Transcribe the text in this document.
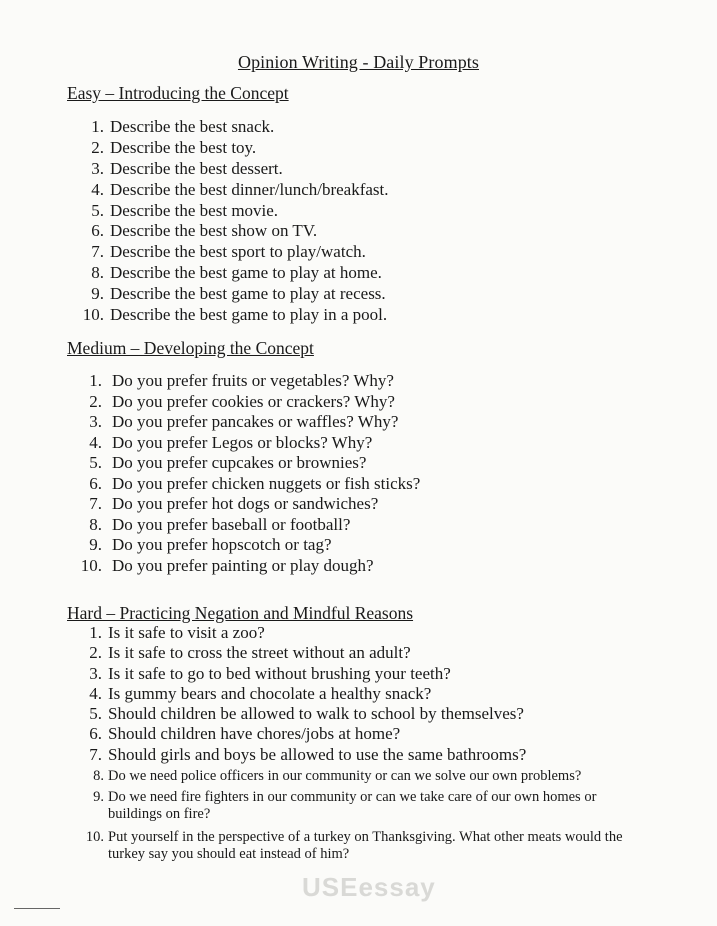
Opinion Writing - Daily Prompts
Easy – Introducing the Concept
1. Describe the best snack.
2. Describe the best toy.
3. Describe the best dessert.
4. Describe the best dinner/lunch/breakfast.
5. Describe the best movie.
6. Describe the best show on TV.
7. Describe the best sport to play/watch.
8. Describe the best game to play at home.
9. Describe the best game to play at recess.
10. Describe the best game to play in a pool.
Medium – Developing the Concept
1. Do you prefer fruits or vegetables? Why?
2. Do you prefer cookies or crackers? Why?
3. Do you prefer pancakes or waffles? Why?
4. Do you prefer Legos or blocks? Why?
5. Do you prefer cupcakes or brownies?
6. Do you prefer chicken nuggets or fish sticks?
7. Do you prefer hot dogs or sandwiches?
8. Do you prefer baseball or football?
9. Do you prefer hopscotch or tag?
10. Do you prefer painting or play dough?
Hard – Practicing Negation and Mindful Reasons
1. Is it safe to visit a zoo?
2. Is it safe to cross the street without an adult?
3. Is it safe to go to bed without brushing your teeth?
4. Is gummy bears and chocolate a healthy snack?
5. Should children be allowed to walk to school by themselves?
6. Should children have chores/jobs at home?
7. Should girls and boys be allowed to use the same bathrooms?
8. Do we need police officers in our community or can we solve our own problems?
9. Do we need fire fighters in our community or can we take care of our own homes or buildings on fire?
10. Put yourself in the perspective of a turkey on Thanksgiving. What other meats would the turkey say you should eat instead of him?
USEessay
